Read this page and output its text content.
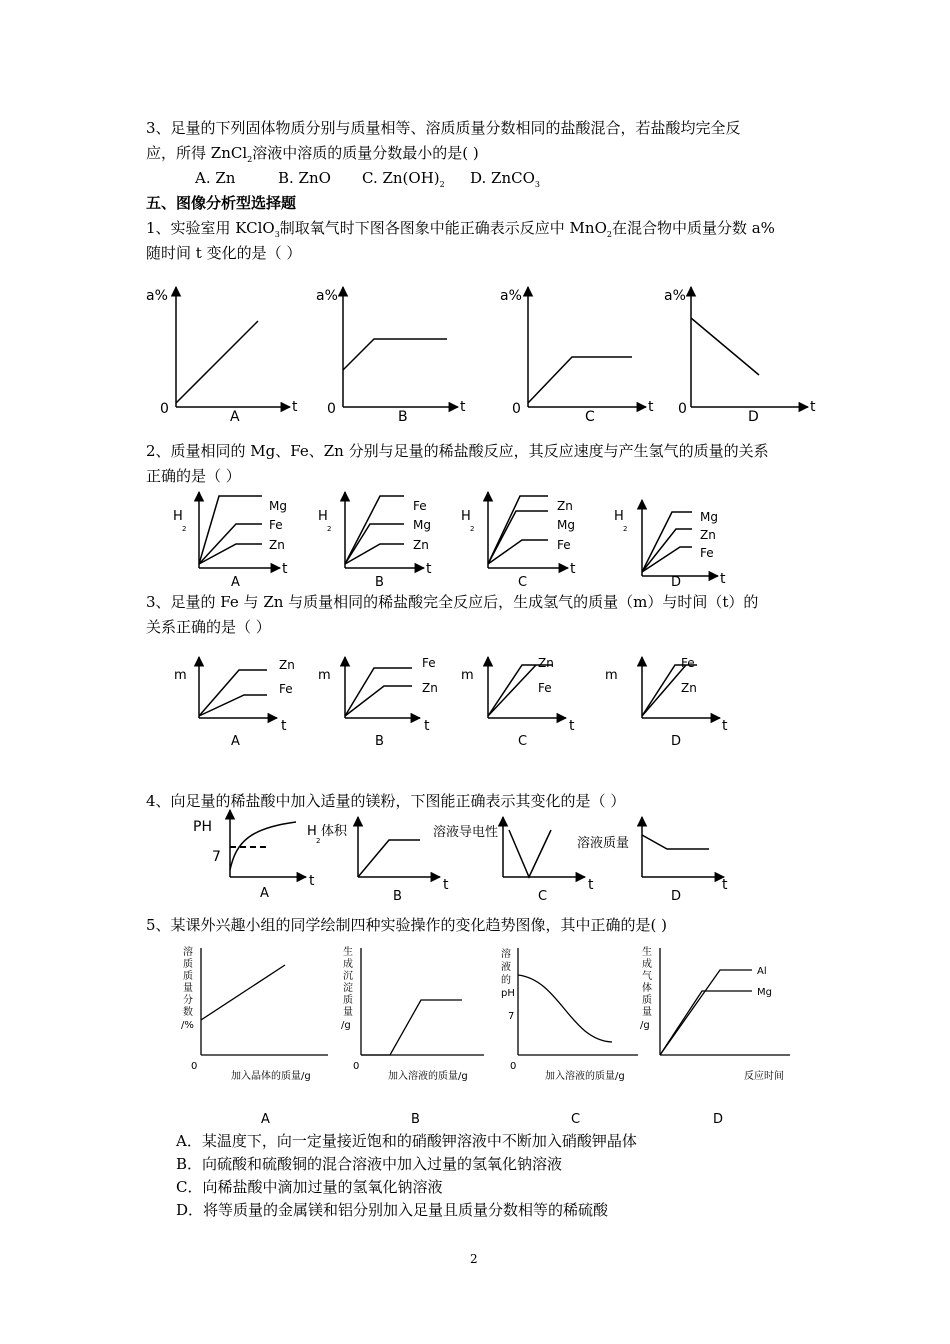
3、足量的下列固体物质分别与质量相等、溶质质量分数相同的盐酸混合，若盐酸均完全反
应，所得 ZnCl$_2$溶液中溶质的质量分数最小的是( )
A. Zn	B. ZnO C. $Zn(OH)_2$ D. ZnCO$_3$
五、图像分析型选择题
1、实验室用 KClO$_3$制取氧气时下图各图象中能正确表示反应中 MnO$_2$在混合物中质量分数 a%
随时间 t 变化的是（ ）
2、质量相同的 Mg、Fe、Zn 分别与足量的稀盐酸反应，其反应速度与产生氢气的质量的关系
正确的是（ ）
3、足量的 Fe 与 Zn 与质量相同的稀盐酸完全反应后，生成氢气的质量（m）与时间（t）的
关系正确的是（ ）
4、向足量的稀盐酸中加入适量的镁粉，下图能正确表示其变化的是（ ）
5、某课外兴趣小组的同学绘制四种实验操作的变化趋势图像，其中正确的是( )
A．某温度下，向一定量接近饱和的硝酸钾溶液中不断加入硝酸钾晶体
B．向硫酸和硫酸铜的混合溶液中加入过量的氢氧化钠溶液
C．向稀盐酸中滴加过量的氢氧化钠溶液
D．将等质量的金属镁和铝分别加入足量且质量分数相等的稀硫酸
2
a%
0	t
A
a%
0	t
B
a%
0	t
C
a%
0	t
D
H
2
t
A
Mg
Fe
Zn
H
2
t
B
Fe
Mg
Zn
H
2
t
C
Zn
Mg
Fe
H
2
t
D
Mg
Zn
Fe
m
t
A
Zn
Fe
m
t
B
Fe
Zn
m
t
C
Zn
Fe
m
t
D
Fe
Zn
PH
7
t
A
H
2
体积
t
B
溶液导电性
t
C
溶液质量
t
D
溶
质
质
量
分
数
/%
0
加入晶体的质量/g
A
生
成
沉
淀
质
量
/g
0
加入溶液的质量/g
B
溶
液
的
pH
7
0
加入溶液的质量/g
C
生
成
气
体
质
量
/g
反应时间
Al
Mg
D
